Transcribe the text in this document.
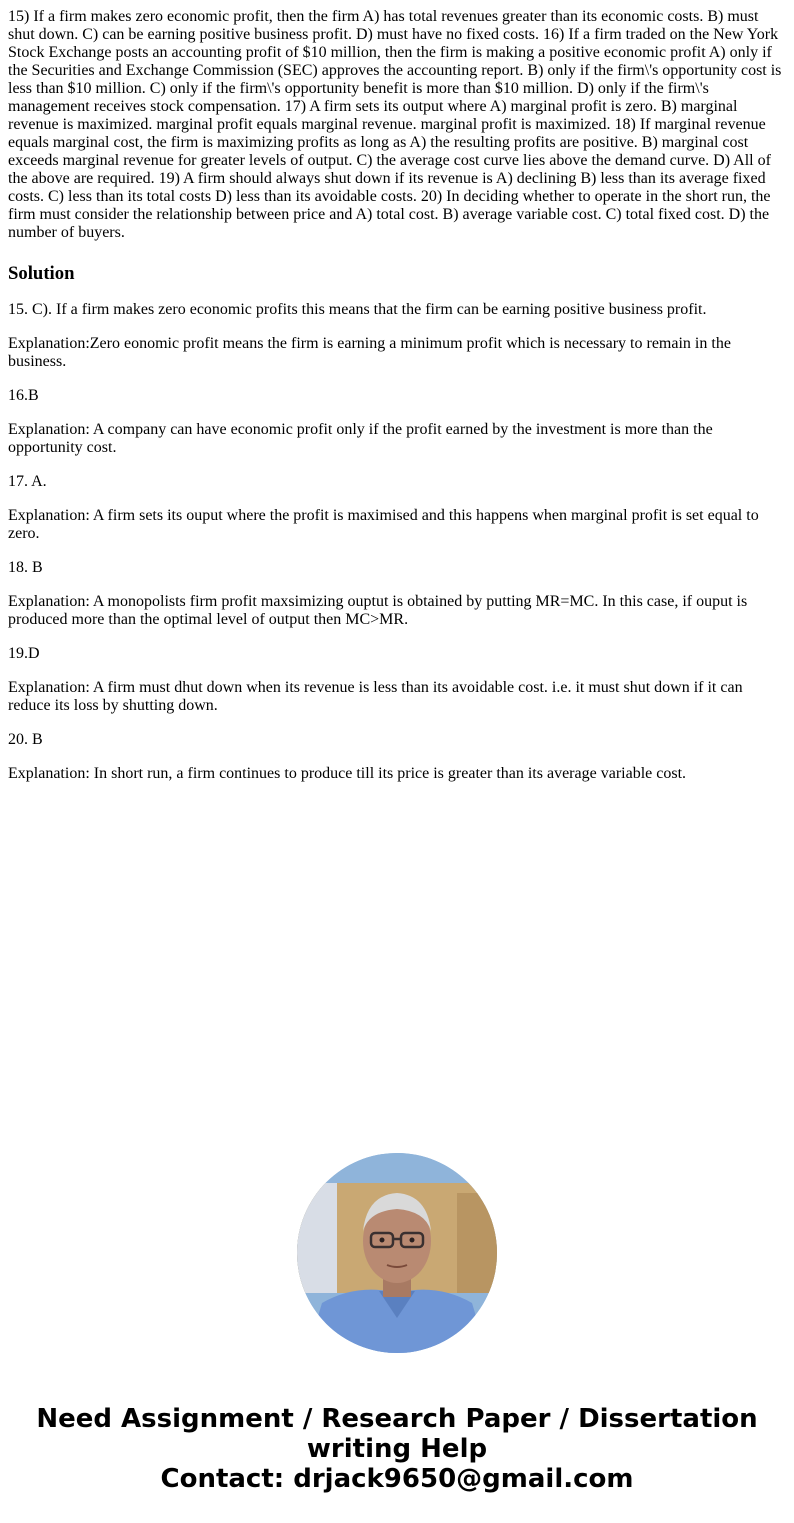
15) If a firm makes zero economic profit, then the firm A) has total revenues greater than its economic costs. B) must shut down. C) can be earning positive business profit. D) must have no fixed costs. 16) If a firm traded on the New York Stock Exchange posts an accounting profit of $10 million, then the firm is making a positive economic profit A) only if the Securities and Exchange Commission (SEC) approves the accounting report. B) only if the firm\'s opportunity cost is less than $10 million. C) only if the firm\'s opportunity benefit is more than $10 million. D) only if the firm\'s management receives stock compensation. 17) A firm sets its output where A) marginal profit is zero. B) marginal revenue is maximized. marginal profit equals marginal revenue. marginal profit is maximized. 18) If marginal revenue equals marginal cost, the firm is maximizing profits as long as A) the resulting profits are positive. B) marginal cost exceeds marginal revenue for greater levels of output. C) the average cost curve lies above the demand curve. D) All of the above are required. 19) A firm should always shut down if its revenue is A) declining B) less than its average fixed costs. C) less than its total costs D) less than its avoidable costs. 20) In deciding whether to operate in the short run, the firm must consider the relationship between price and A) total cost. B) average variable cost. C) total fixed cost. D) the number of buyers.

Solution

15. C). If a firm makes zero economic profits this means that the firm can be earning positive business profit.

Explanation:Zero eonomic profit means the firm is earning a minimum profit which is necessary to remain in the business.

16.B

Explanation: A company can have economic profit only if the profit earned by the investment is more than the opportunity cost.

17. A.

Explanation: A firm sets its ouput where the profit is maximised and this happens when marginal profit is set equal to zero.

18. B

Explanation: A monopolists firm profit maxsimizing ouptut is obtained by putting MR=MC. In this case, if ouput is produced more than the optimal level of output then MC>MR.

19.D

Explanation: A firm must dhut down when its revenue is less than its avoidable cost. i.e. it must shut down if it can reduce its loss by shutting down.

20. B

Explanation: In short run, a firm continues to produce till its price is greater than its average variable cost.

Need Assignment / Research Paper / Dissertation
writing Help
Contact: drjack9650@gmail.com
